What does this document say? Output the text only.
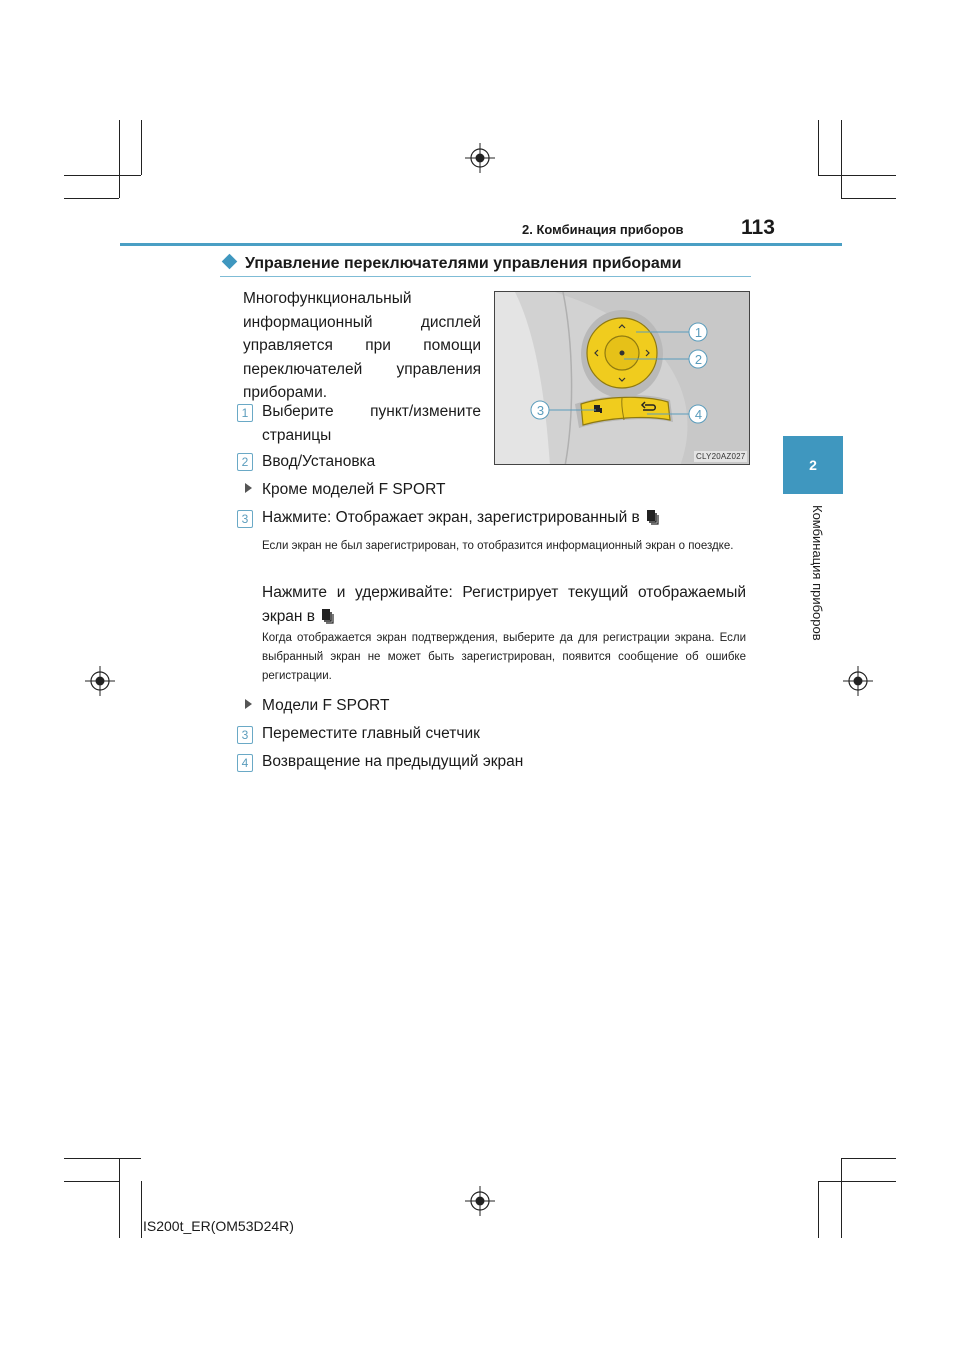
2. Комбинация приборов	113
2
Комбинация приборов
Управление переключателями управления приборами
Многофункциональный информационный дисплей управляется при помощи переключателей управления приборами.
1
2
3	4
CLY20AZ027
1 Выберите пункт/измените страницы
2 Ввод/Установка
Кроме моделей F SPORT
3 Нажмите: Отображает экран, зарегистрированный в
Если экран не был зарегистрирован, то отобразится информационный экран о поездке.
Нажмите и удерживайте: Регистрирует текущий отображаемый экран в
Когда отображается экран подтверждения, выберите да для регистрации экрана. Если выбранный экран не может быть зарегистрирован, появится сообщение об ошибке регистрации.
Модели F SPORT
3 Переместите главный счетчик
4 Возвращение на предыдущий экран
IS200t_ER(OM53D24R)
